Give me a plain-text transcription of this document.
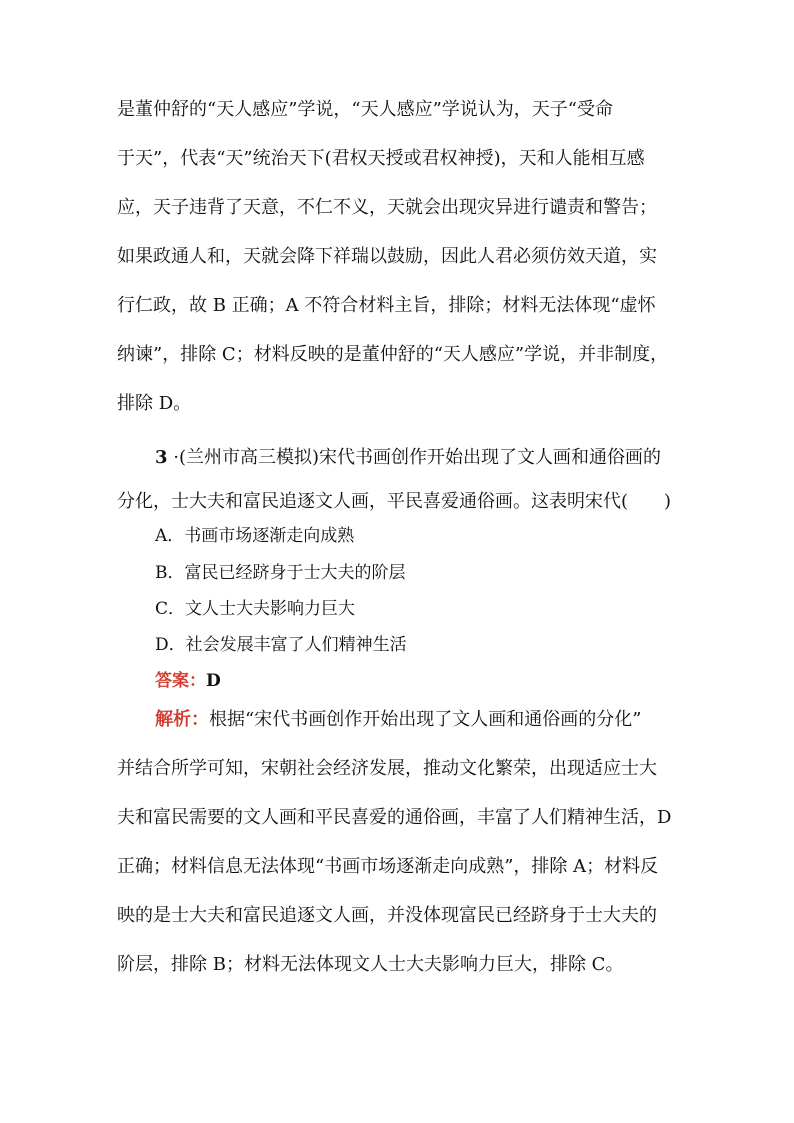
是董仲舒的“天人感应”学说，“天人感应”学说认为，天子“受命
于天”，代表“天”统治天下(君权天授或君权神授)，天和人能相互感
应，天子违背了天意，不仁不义，天就会出现灾异进行谴责和警告；
如果政通人和，天就会降下祥瑞以鼓励，因此人君必须仿效天道，实
行仁政，故 B 正确；A 不符合材料主旨，排除；材料无法体现“虚怀
纳谏”，排除 C；材料反映的是董仲舒的“天人感应”学说，并非制度，
排除 D。
3 ·(兰州市高三模拟)宋代书画创作开始出现了文人画和通俗画的
分化，士大夫和富民追逐文人画，平民喜爱通俗画。这表明宋代( )
A．书画市场逐渐走向成熟
B．富民已经跻身于士大夫的阶层
C．文人士大夫影响力巨大
D．社会发展丰富了人们精神生活
答案：D
解析：根据“宋代书画创作开始出现了文人画和通俗画的分化”
并结合所学可知，宋朝社会经济发展，推动文化繁荣，出现适应士大
夫和富民需要的文人画和平民喜爱的通俗画，丰富了人们精神生活，D
正确；材料信息无法体现“书画市场逐渐走向成熟”，排除 A；材料反
映的是士大夫和富民追逐文人画，并没体现富民已经跻身于士大夫的
阶层，排除 B；材料无法体现文人士大夫影响力巨大，排除 C。
